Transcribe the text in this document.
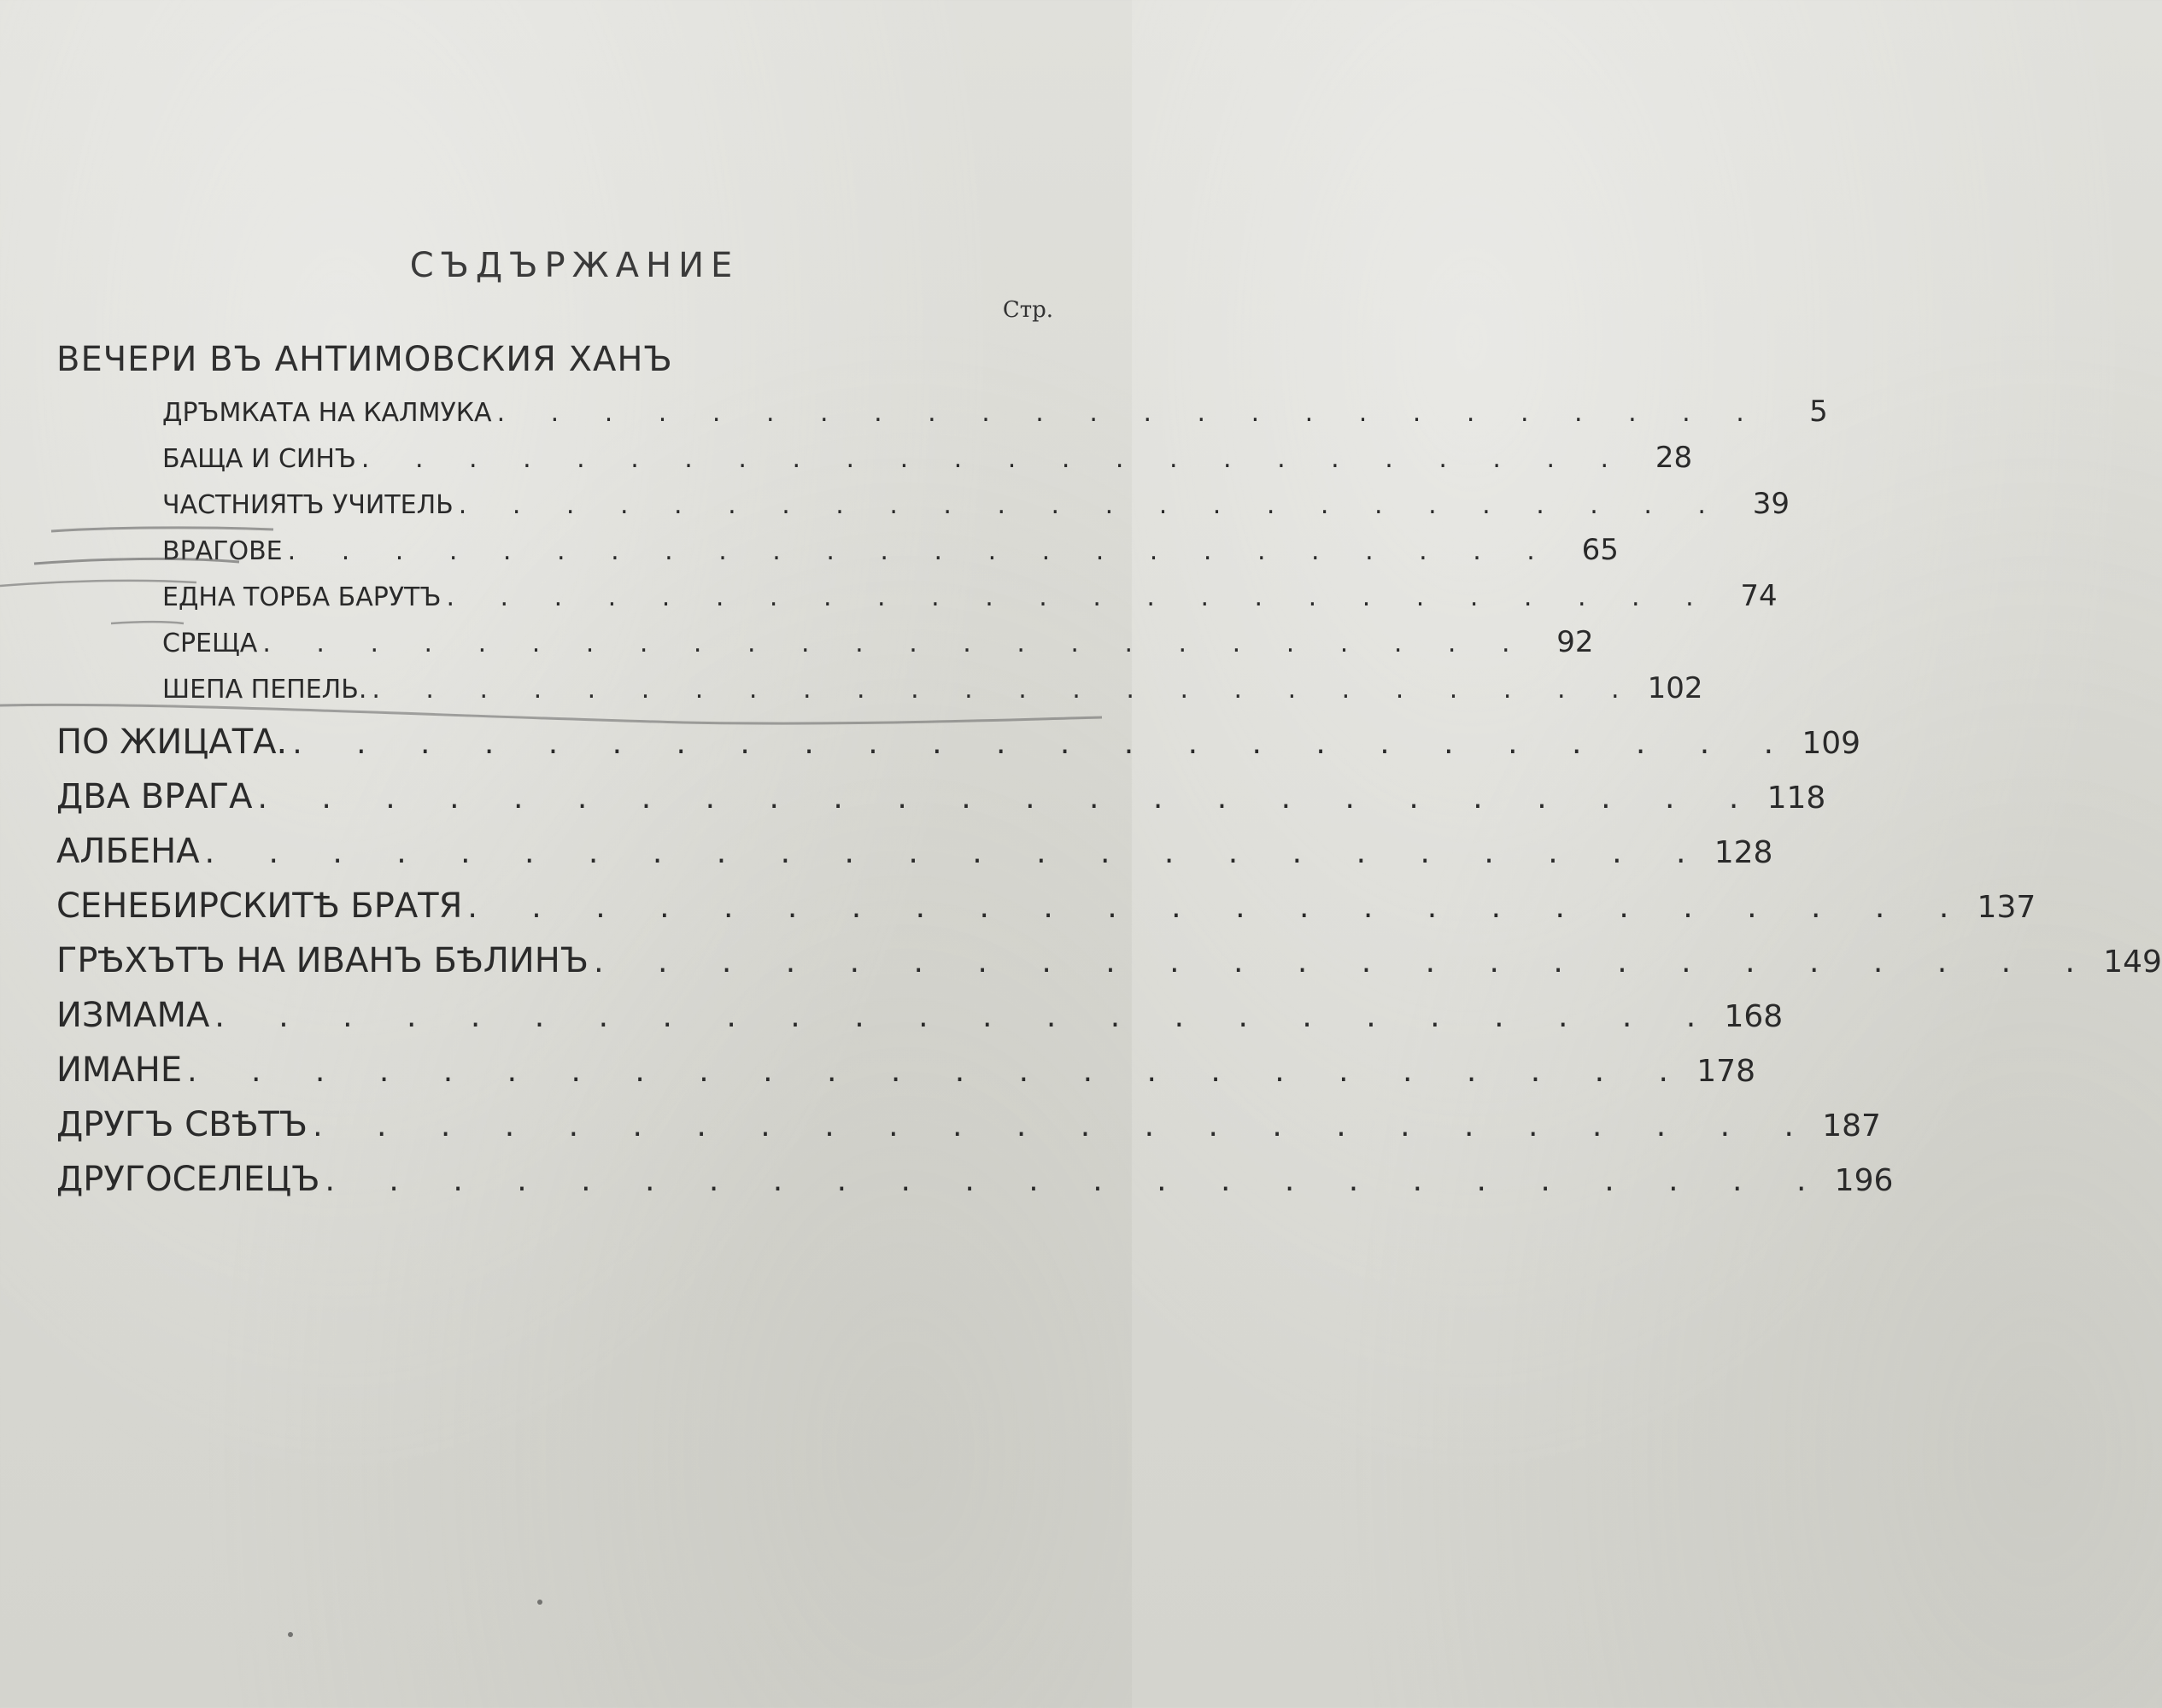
СЪДЪРЖАНИЕ
Стр.
ВЕЧЕРИ ВЪ АНТИМОВСКИЯ ХАНЪ
ДРЪМКАТА НА КАЛМУКА . . . . . . . . . . . . . . . . . . . . . . . .	5
БАЩА И СИНЪ . . . . . . . . . . . . . . . . . . . . . . . . 28
ЧАСТНИЯТЪ УЧИТЕЛЬ . . . . . . . . . . . . . . . . . . . . . . . . 39
ВРАГОВЕ . . . . . . . . . . . . . . . . . . . . . . . . 65
ЕДНА ТОРБА БАРУТЪ . . . . . . . . . . . . . . . . . . . . . . . . 74
СРЕЩА . . . . . . . . . . . . . . . . . . . . . . . . 92
ШЕПА ПЕПЕЛЬ. . . . . . . . . . . . . . . . . . . . . . . . . 102
ПО ЖИЦАТА. . . . . . . . . . . . . . . . . . . . . . . . . 109
ДВА ВРАГА . . . . . . . . . . . . . . . . . . . . . . . . 118
АЛБЕНА . . . . . . . . . . . . . . . . . . . . . . . . 128
СЕНЕБИРСКИТѢ БРАТЯ . . . . . . . . . . . . . . . . . . . . . . . . 137
ГРѢХЪТЪ НА ИВАНЪ БѢЛИНЪ . . . . . . . . . . . . . . . . . . . . . . . . 149
ИЗМАМА . . . . . . . . . . . . . . . . . . . . . . . . 168
ИМАНЕ . . . . . . . . . . . . . . . . . . . . . . . . 178
ДРУГЪ СВѢТЪ . . . . . . . . . . . . . . . . . . . . . . . . 187
ДРУГОСЕЛЕЦЪ . . . . . . . . . . . . . . . . . . . . . . . . 196
